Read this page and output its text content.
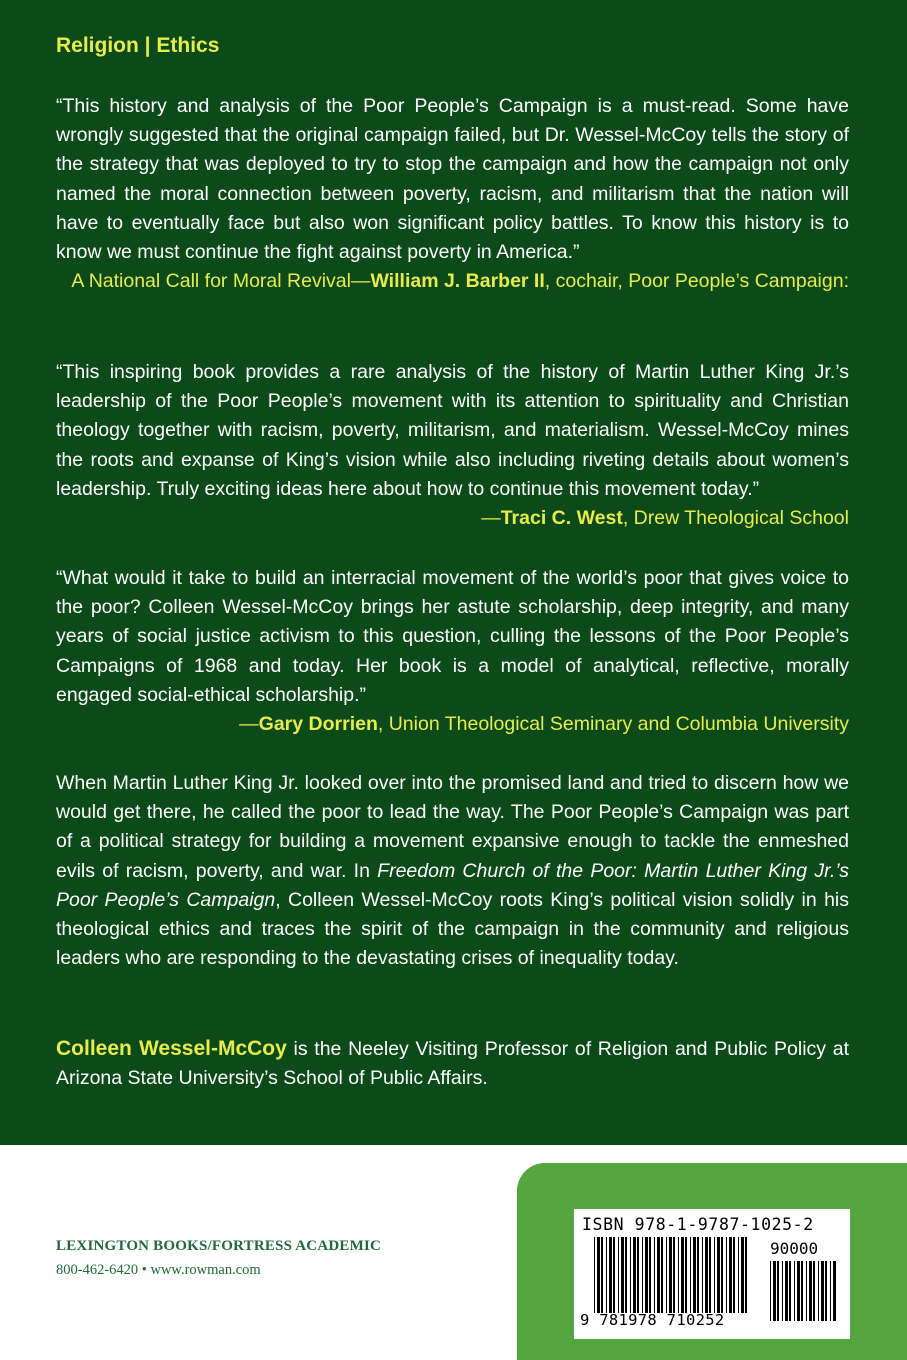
Religion | Ethics
“This history and analysis of the Poor People’s Campaign is a must-read. Some have wrongly suggested that the original campaign failed, but Dr. Wessel-McCoy tells the story of the strategy that was deployed to try to stop the campaign and how the campaign not only named the moral connection between poverty, racism, and militarism that the nation will have to eventually face but also won significant policy battles. To know this history is to know we must continue the fight against poverty in America.”
—William J. Barber II, cochair, Poor People’s Campaign:
A National Call for Moral Revival
“This inspiring book provides a rare analysis of the history of Martin Luther King Jr.’s leadership of the Poor People’s movement with its attention to spirituality and Christian theology together with racism, poverty, militarism, and materialism. Wessel-McCoy mines the roots and expanse of King’s vision while also including riveting details about women’s leadership. Truly exciting ideas here about how to continue this movement today.”
—Traci C. West, Drew Theological School
“What would it take to build an interracial movement of the world’s poor that gives voice to the poor? Colleen Wessel-McCoy brings her astute scholarship, deep integrity, and many years of social justice activism to this question, culling the lessons of the Poor People’s Campaigns of 1968 and today. Her book is a model of analytical, reflective, morally engaged social-ethical scholarship.”
—Gary Dorrien, Union Theological Seminary and Columbia University
When Martin Luther King Jr. looked over into the promised land and tried to discern how we would get there, he called the poor to lead the way. The Poor People’s Campaign was part of a political strategy for building a movement expansive enough to tackle the enmeshed evils of racism, poverty, and war. In Freedom Church of the Poor: Martin Luther King Jr.’s Poor People’s Campaign, Colleen Wessel-McCoy roots King’s political vision solidly in his theological ethics and traces the spirit of the campaign in the community and religious leaders who are responding to the devastating crises of inequality today.
Colleen Wessel-McCoy is the Neeley Visiting Professor of Religion and Public Policy at Arizona State University’s School of Public Affairs.
LEXINGTON BOOKS/FORTRESS ACADEMIC
800-462-6420 • www.rowman.com
ISBN 978-1-9787-1025-2
90000
9 781978 710252
